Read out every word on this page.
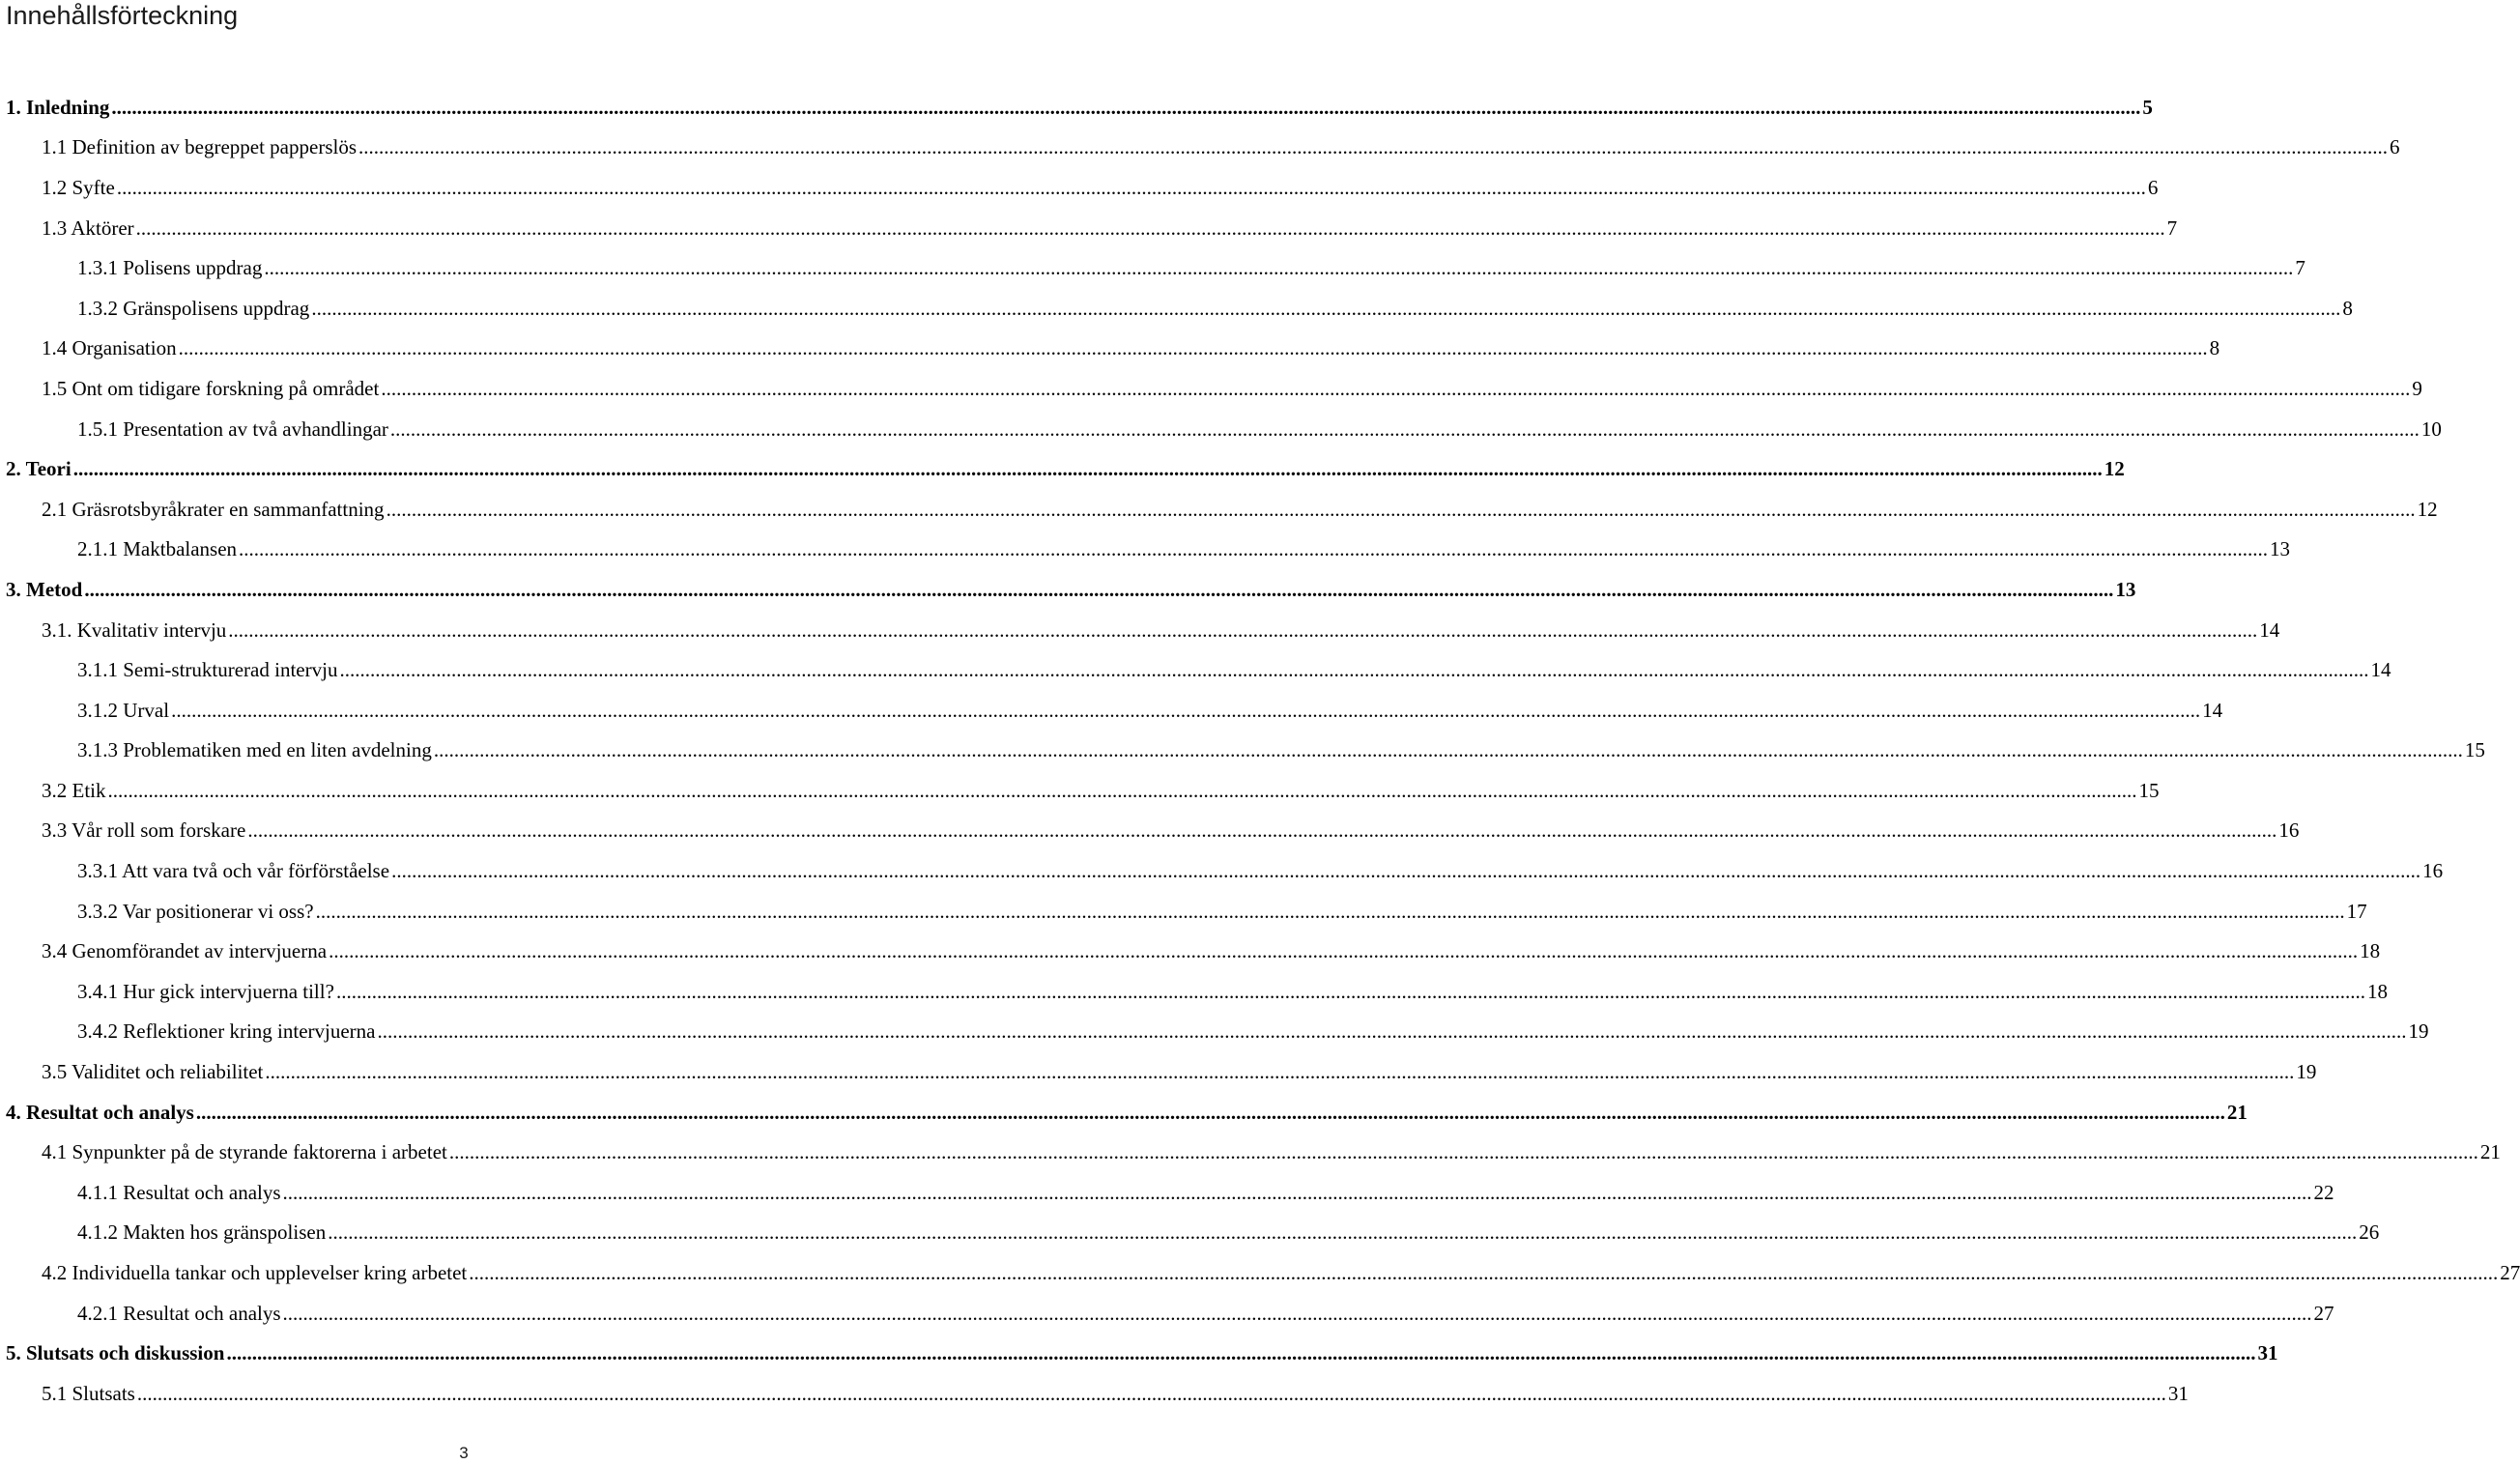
Innehållsförteckning
1. Inledning ................................................................................................................................................................................................................................................................................................................................................................................................................ 5
1.1 Definition av begreppet papperslös ................................................................................................................................................................................................................................................................................................................................................................................................................ 6
1.2 Syfte ................................................................................................................................................................................................................................................................................................................................................................................................................ 6
1.3 Aktörer ................................................................................................................................................................................................................................................................................................................................................................................................................ 7
1.3.1 Polisens uppdrag ................................................................................................................................................................................................................................................................................................................................................................................................................ 7
1.3.2 Gränspolisens uppdrag ................................................................................................................................................................................................................................................................................................................................................................................................................ 8
1.4 Organisation ................................................................................................................................................................................................................................................................................................................................................................................................................ 8
1.5 Ont om tidigare forskning på området ................................................................................................................................................................................................................................................................................................................................................................................................................ 9
1.5.1 Presentation av två avhandlingar ................................................................................................................................................................................................................................................................................................................................................................................................................ 10
2. Teori ................................................................................................................................................................................................................................................................................................................................................................................................................ 12
2.1 Gräsrotsbyråkrater en sammanfattning ................................................................................................................................................................................................................................................................................................................................................................................................................ 12
2.1.1 Maktbalansen ................................................................................................................................................................................................................................................................................................................................................................................................................ 13
3. Metod ................................................................................................................................................................................................................................................................................................................................................................................................................ 13
3.1. Kvalitativ intervju ................................................................................................................................................................................................................................................................................................................................................................................................................ 14
3.1.1 Semi-strukturerad intervju ................................................................................................................................................................................................................................................................................................................................................................................................................ 14
3.1.2 Urval ................................................................................................................................................................................................................................................................................................................................................................................................................ 14
3.1.3 Problematiken med en liten avdelning ................................................................................................................................................................................................................................................................................................................................................................................................................ 15
3.2 Etik ................................................................................................................................................................................................................................................................................................................................................................................................................ 15
3.3 Vår roll som forskare ................................................................................................................................................................................................................................................................................................................................................................................................................ 16
3.3.1 Att vara två och vår förförståelse ................................................................................................................................................................................................................................................................................................................................................................................................................ 16
3.3.2 Var positionerar vi oss? ................................................................................................................................................................................................................................................................................................................................................................................................................ 17
3.4 Genomförandet av intervjuerna ................................................................................................................................................................................................................................................................................................................................................................................................................ 18
3.4.1 Hur gick intervjuerna till? ................................................................................................................................................................................................................................................................................................................................................................................................................ 18
3.4.2 Reflektioner kring intervjuerna ................................................................................................................................................................................................................................................................................................................................................................................................................ 19
3.5 Validitet och reliabilitet ................................................................................................................................................................................................................................................................................................................................................................................................................ 19
4. Resultat och analys ................................................................................................................................................................................................................................................................................................................................................................................................................ 21
4.1 Synpunkter på de styrande faktorerna i arbetet ................................................................................................................................................................................................................................................................................................................................................................................................................ 21
4.1.1 Resultat och analys ................................................................................................................................................................................................................................................................................................................................................................................................................ 22
4.1.2 Makten hos gränspolisen ................................................................................................................................................................................................................................................................................................................................................................................................................ 26
4.2 Individuella tankar och upplevelser kring arbetet ................................................................................................................................................................................................................................................................................................................................................................................................................ 27
4.2.1 Resultat och analys ................................................................................................................................................................................................................................................................................................................................................................................................................ 27
5. Slutsats och diskussion ................................................................................................................................................................................................................................................................................................................................................................................................................ 31
5.1 Slutsats ................................................................................................................................................................................................................................................................................................................................................................................................................ 31
3
